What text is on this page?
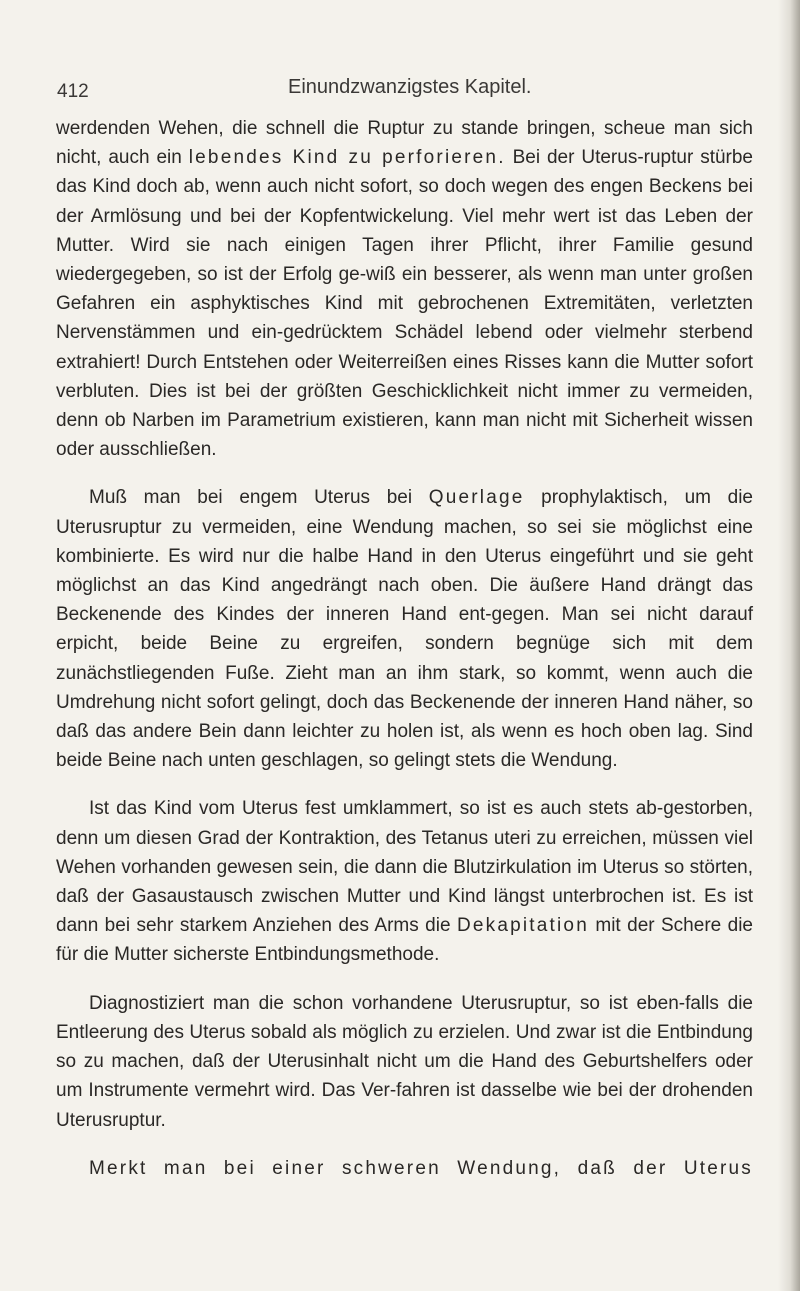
412	Einundzwanzigstes Kapitel.

werdenden Wehen, die schnell die Ruptur zu stande bringen, scheue man sich nicht, auch ein lebendes Kind zu perforieren. Bei der Uterus-ruptur stürbe das Kind doch ab, wenn auch nicht sofort, so doch wegen des engen Beckens bei der Armlösung und bei der Kopfentwickelung. Viel mehr wert ist das Leben der Mutter. Wird sie nach einigen Tagen ihrer Pflicht, ihrer Familie gesund wiedergegeben, so ist der Erfolg ge-wiß ein besserer, als wenn man unter großen Gefahren ein asphyktisches Kind mit gebrochenen Extremitäten, verletzten Nervenstämmen und ein-gedrücktem Schädel lebend oder vielmehr sterbend extrahiert! Durch Entstehen oder Weiterreißen eines Risses kann die Mutter sofort verbluten. Dies ist bei der größten Geschicklichkeit nicht immer zu vermeiden, denn ob Narben im Parametrium existieren, kann man nicht mit Sicherheit wissen oder ausschließen.

Muß man bei engem Uterus bei Querlage prophylaktisch, um die Uterusruptur zu vermeiden, eine Wendung machen, so sei sie möglichst eine kombinierte. Es wird nur die halbe Hand in den Uterus eingeführt und sie geht möglichst an das Kind angedrängt nach oben. Die äußere Hand drängt das Beckenende des Kindes der inneren Hand ent-gegen. Man sei nicht darauf erpicht, beide Beine zu ergreifen, sondern begnüge sich mit dem zunächstliegenden Fuße. Zieht man an ihm stark, so kommt, wenn auch die Umdrehung nicht sofort gelingt, doch das Beckenende der inneren Hand näher, so daß das andere Bein dann leichter zu holen ist, als wenn es hoch oben lag. Sind beide Beine nach unten geschlagen, so gelingt stets die Wendung.

Ist das Kind vom Uterus fest umklammert, so ist es auch stets ab-gestorben, denn um diesen Grad der Kontraktion, des Tetanus uteri zu erreichen, müssen viel Wehen vorhanden gewesen sein, die dann die Blutzirkulation im Uterus so störten, daß der Gasaustausch zwischen Mutter und Kind längst unterbrochen ist. Es ist dann bei sehr starkem Anziehen des Arms die Dekapitation mit der Schere die für die Mutter sicherste Entbindungsmethode.

Diagnostiziert man die schon vorhandene Uterusruptur, so ist eben-falls die Entleerung des Uterus sobald als möglich zu erzielen. Und zwar ist die Entbindung so zu machen, daß der Uterusinhalt nicht um die Hand des Geburtshelfers oder um Instrumente vermehrt wird. Das Ver-fahren ist dasselbe wie bei der drohenden Uterusruptur.

Merkt man bei einer schweren Wendung, daß der Uterus
